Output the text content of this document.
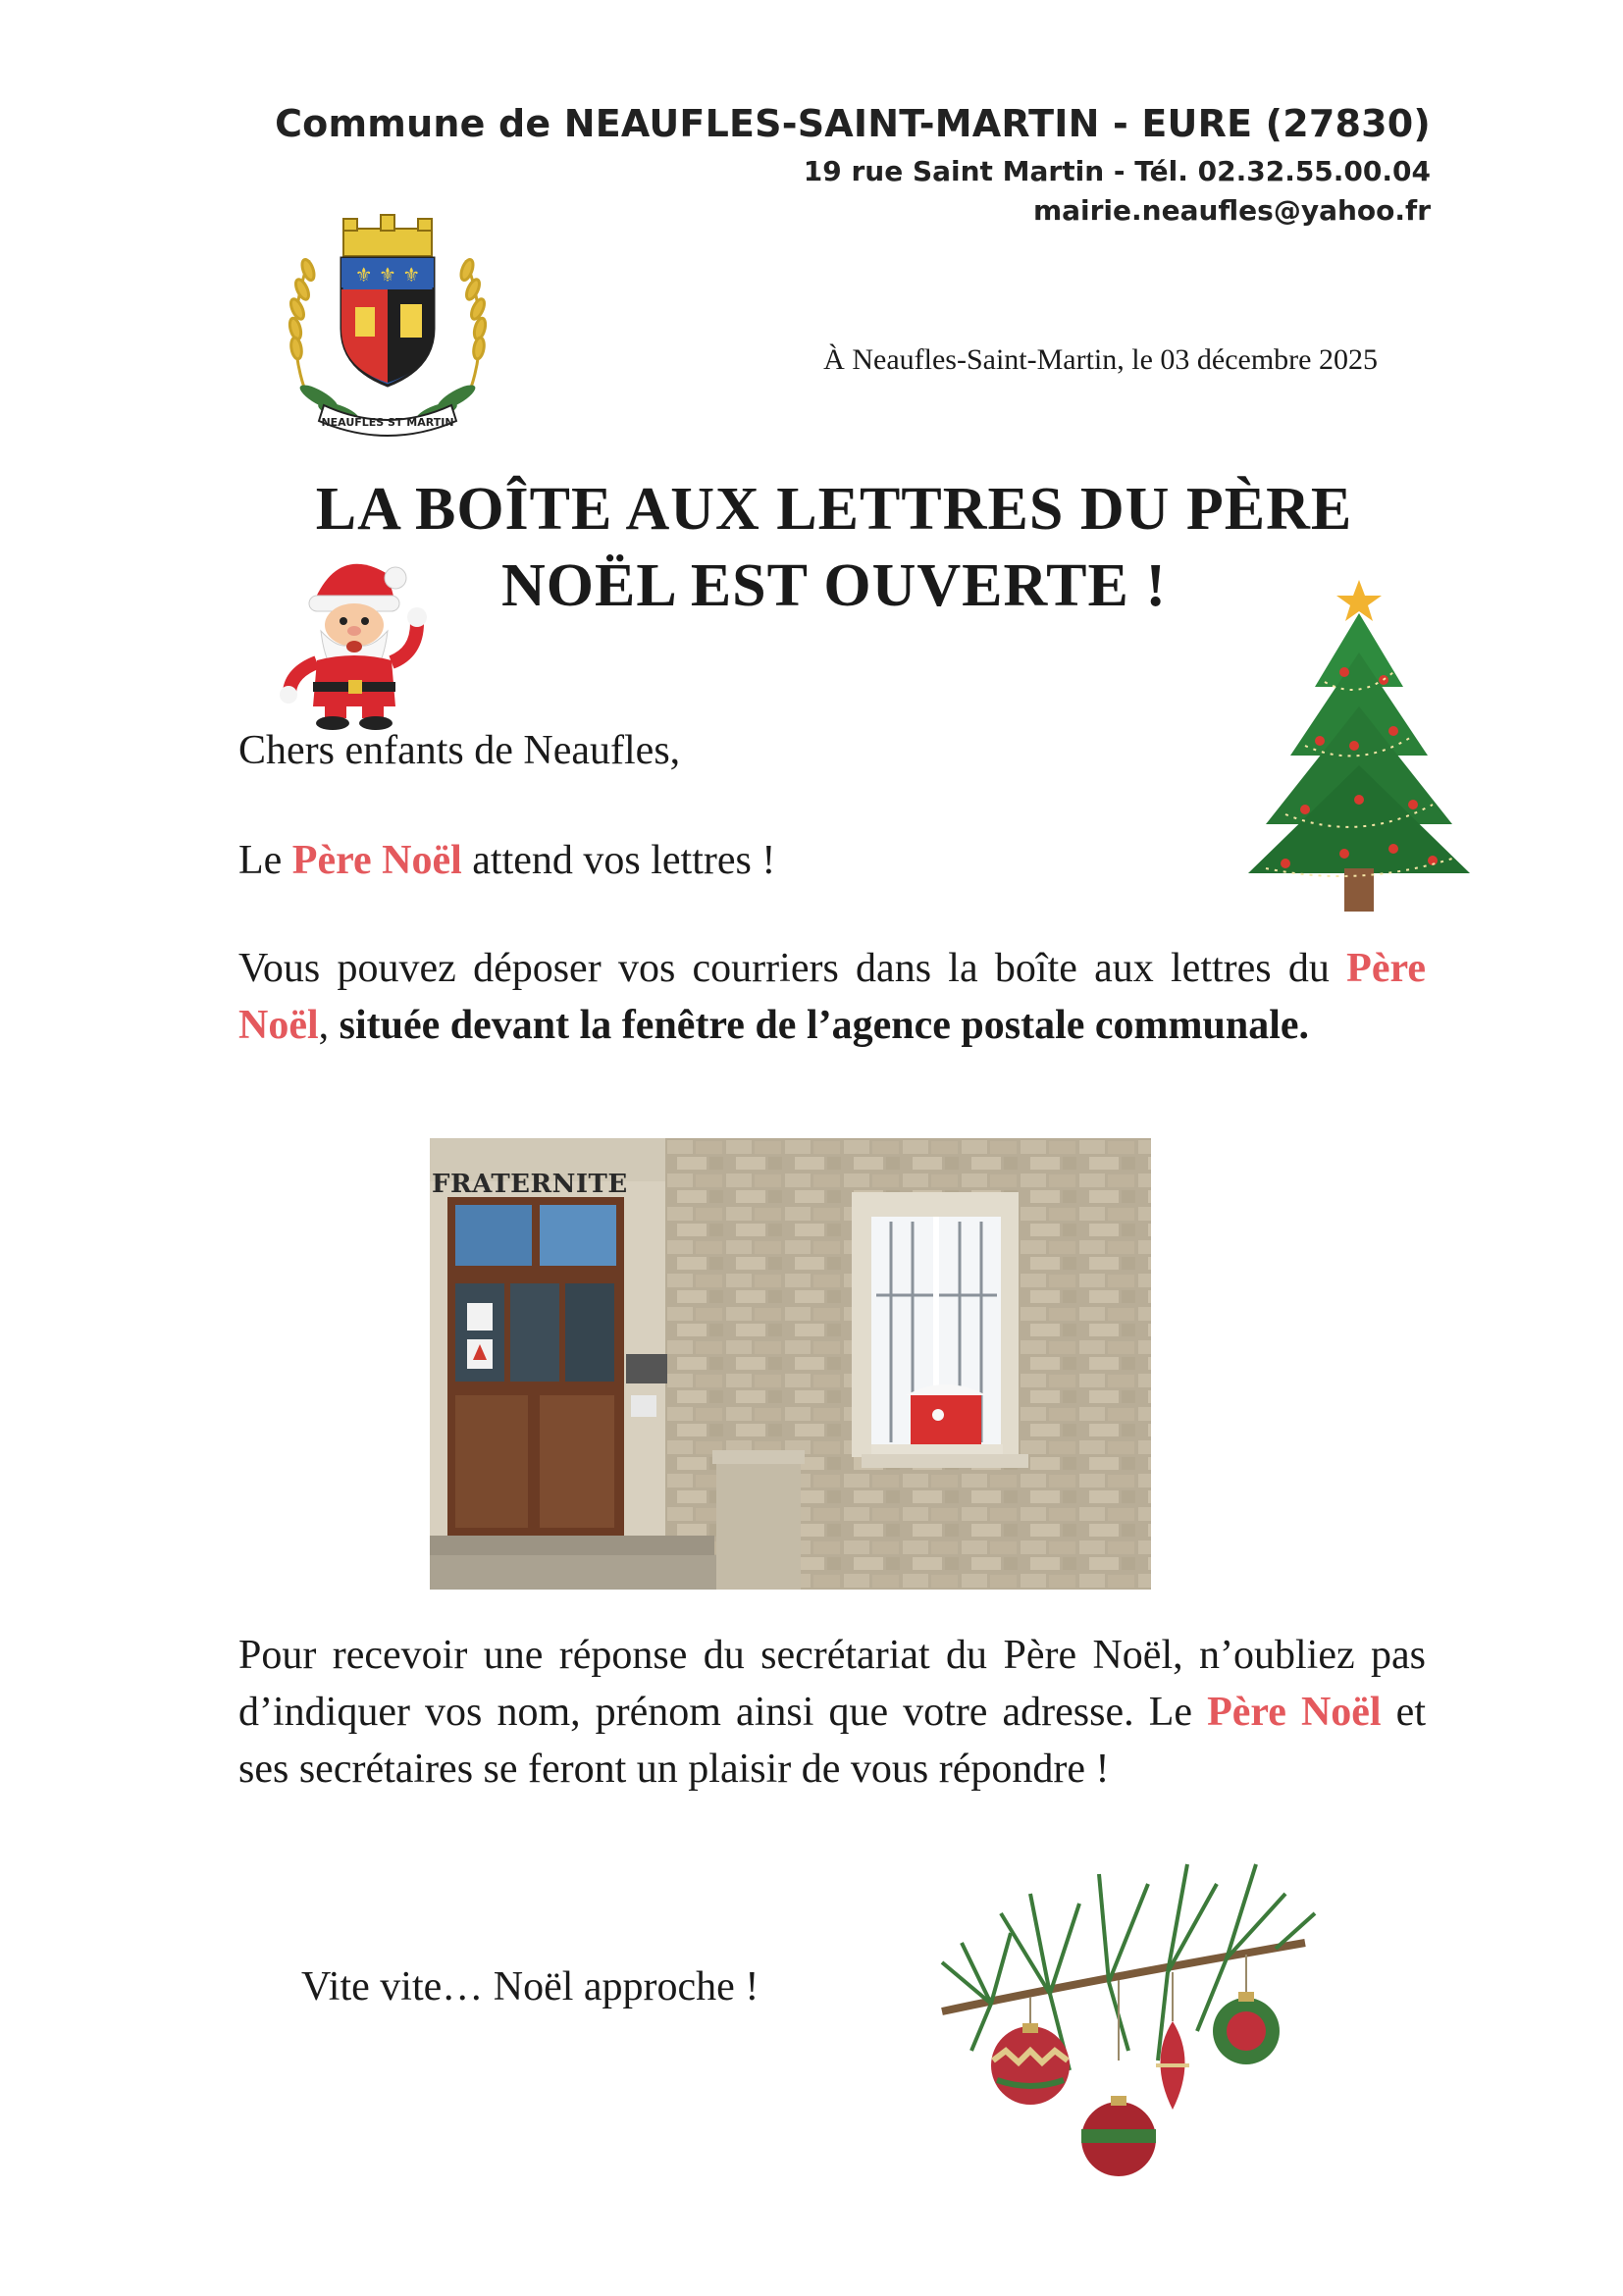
Commune de NEAUFLES-SAINT-MARTIN - EURE (27830)
19 rue Saint Martin - Tél. 02.32.55.00.04
mairie.neaufles@yahoo.fr
⚜ ⚜ ⚜
NEAUFLES ST MARTIN
À Neaufles-Saint-Martin, le 03 décembre 2025
LA BOÎTE AUX LETTRES DU PÈRE
NOËL EST OUVERTE !

Chers enfants de Neaufles,

Le Père Noël attend vos lettres !

Vous pouvez déposer vos courriers dans la boîte aux lettres du Père Noël, située devant la fenêtre de l’agence postale communale.

FRATERNITE

Pour recevoir une réponse du secrétariat du Père Noël, n’oubliez pas d’indiquer vos nom, prénom ainsi que votre adresse. Le Père Noël et ses secrétaires se feront un plaisir de vous répondre !

Vite vite… Noël approche !
